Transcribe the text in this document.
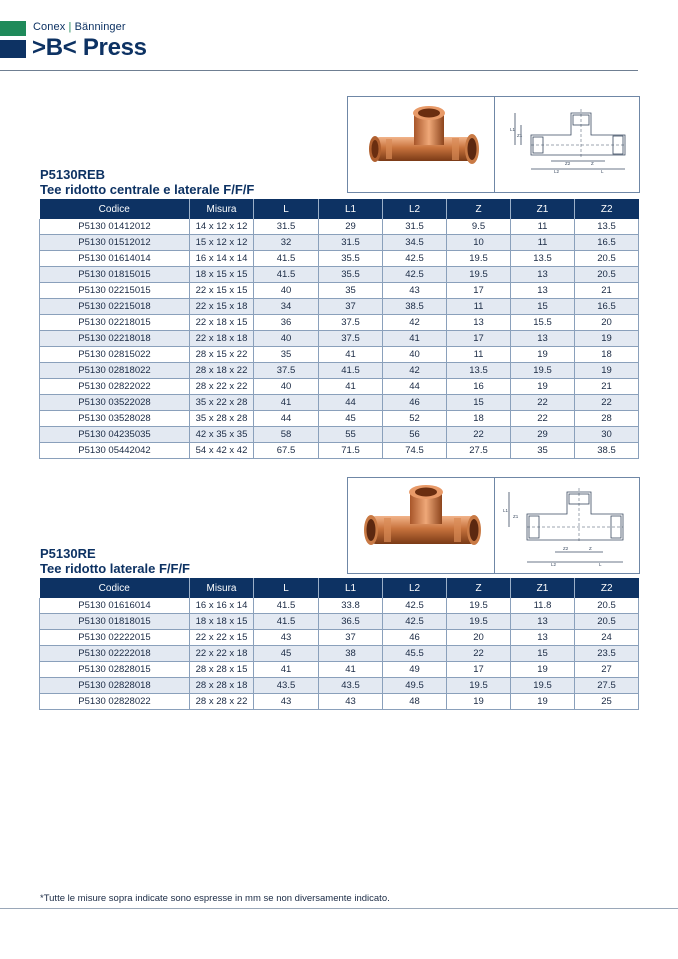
Conex | Bänninger
>B< Press
L1
Z1
L2	L
Z2	Z
P5130REB
Tee ridotto centrale e laterale F/F/F
Codice	Misura	L	L1	L2	Z	Z1	Z2
P5130 01412012	14 x 12 x 12	31.5	29	31.5	9.5	11	13.5
P5130 01512012	15 x 12 x 12	32	31.5	34.5	10	11	16.5
P5130 01614014	16 x 14 x 14	41.5	35.5	42.5	19.5	13.5	20.5
P5130 01815015	18 x 15 x 15	41.5	35.5	42.5	19.5	13	20.5
P5130 02215015	22 x 15 x 15	40	35	43	17	13	21
P5130 02215018	22 x 15 x 18	34	37	38.5	11	15	16.5
P5130 02218015	22 x 18 x 15	36	37.5	42	13	15.5	20
P5130 02218018	22 x 18 x 18	40	37.5	41	17	13	19
P5130 02815022	28 x 15 x 22	35	41	40	11	19	18
P5130 02818022	28 x 18 x 22	37.5	41.5	42	13.5	19.5	19
P5130 02822022	28 x 22 x 22	40	41	44	16	19	21
P5130 03522028	35 x 22 x 28	41	44	46	15	22	22
P5130 03528028	35 x 28 x 28	44	45	52	18	22	28
P5130 04235035	42 x 35 x 35	58	55	56	22	29	30
P5130 05442042	54 x 42 x 42	67.5	71.5	74.5	27.5	35	38.5
L1
L2	L
Z2	Z
Z1
P5130RE
Tee ridotto laterale F/F/F
Codice	Misura	L	L1	L2	Z	Z1	Z2
P5130 01616014	16 x 16 x 14	41.5	33.8	42.5	19.5	11.8	20.5
P5130 01818015	18 x 18 x 15	41.5	36.5	42.5	19.5	13	20.5
P5130 02222015	22 x 22 x 15	43	37	46	20	13	24
P5130 02222018	22 x 22 x 18	45	38	45.5	22	15	23.5
P5130 02828015	28 x 28 x 15	41	41	49	17	19	27
P5130 02828018	28 x 28 x 18	43.5	43.5	49.5	19.5	19.5	27.5
P5130 02828022	28 x 28 x 22	43	43	48	19	19	25
*Tutte le misure sopra indicate sono espresse in mm se non diversamente indicato.
